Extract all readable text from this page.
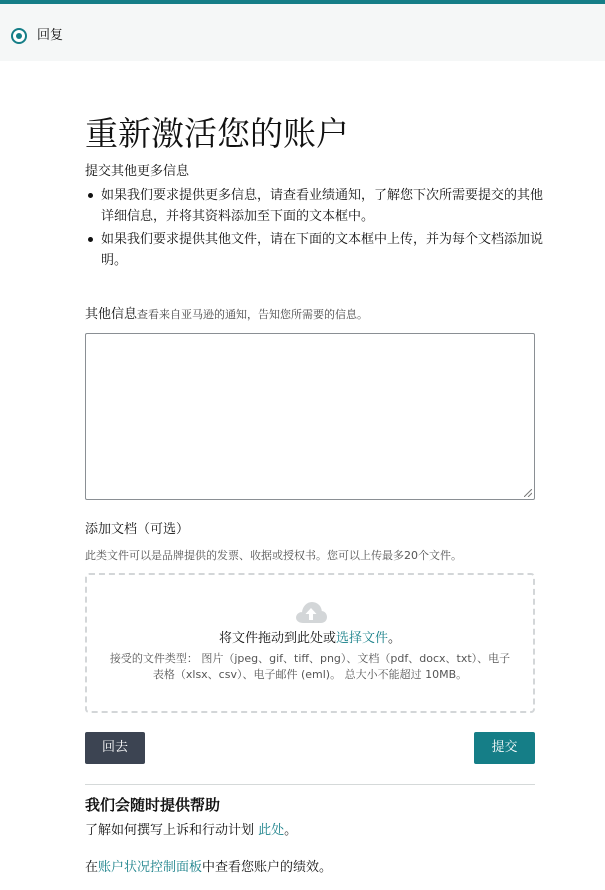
回复
重新激活您的账户
提交其他更多信息
如果我们要求提供更多信息，请查看业绩通知，了解您下次所需要提交的其他详细信息，并将其资料添加至下面的文本框中。
如果我们要求提供其他文件，请在下面的文本框中上传，并为每个文档添加说明。
其他信息查看来自亚马逊的通知，告知您所需要的信息。
添加文档（可选）
此类文件可以是品牌提供的发票、收据或授权书。您可以上传最多20个文件。
将文件拖动到此处或选择文件。
接受的文件类型： 图片（jpeg、gif、tiff、png）、文档（pdf、docx、txt）、电子表格（xlsx、csv）、电子邮件 (eml)。 总大小不能超过 10MB。
回去	提交
我们会随时提供帮助
了解如何撰写上诉和行动计划 此处。
在账户状况控制面板中查看您账户的绩效。
